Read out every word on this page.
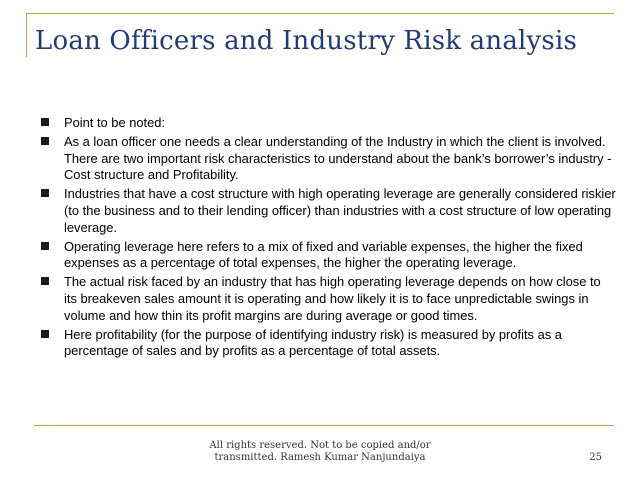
Loan Officers and Industry Risk analysis
Point to be noted:
As a loan officer one needs a clear understanding of the Industry in which the client is involved. There are two important risk characteristics to understand about the bank’s borrower’s industry - Cost structure and Profitability.
Industries that have a cost structure with high operating leverage are generally considered riskier (to the business and to their lending officer) than industries with a cost structure of low operating leverage.
Operating leverage here refers to a mix of fixed and variable expenses, the higher the fixed expenses as a percentage of total expenses, the higher the operating leverage.
The actual risk faced by an industry that has high operating leverage depends on how close to its breakeven sales amount it is operating and how likely it is to face unpredictable swings in volume and how thin its profit margins are during average or good times.
Here profitability (for the purpose of identifying industry risk) is measured by profits as a percentage of sales and by profits as a percentage of total assets.
All rights reserved. Not to be copied and/or
transmitted. Ramesh Kumar Nanjundaiya	25
